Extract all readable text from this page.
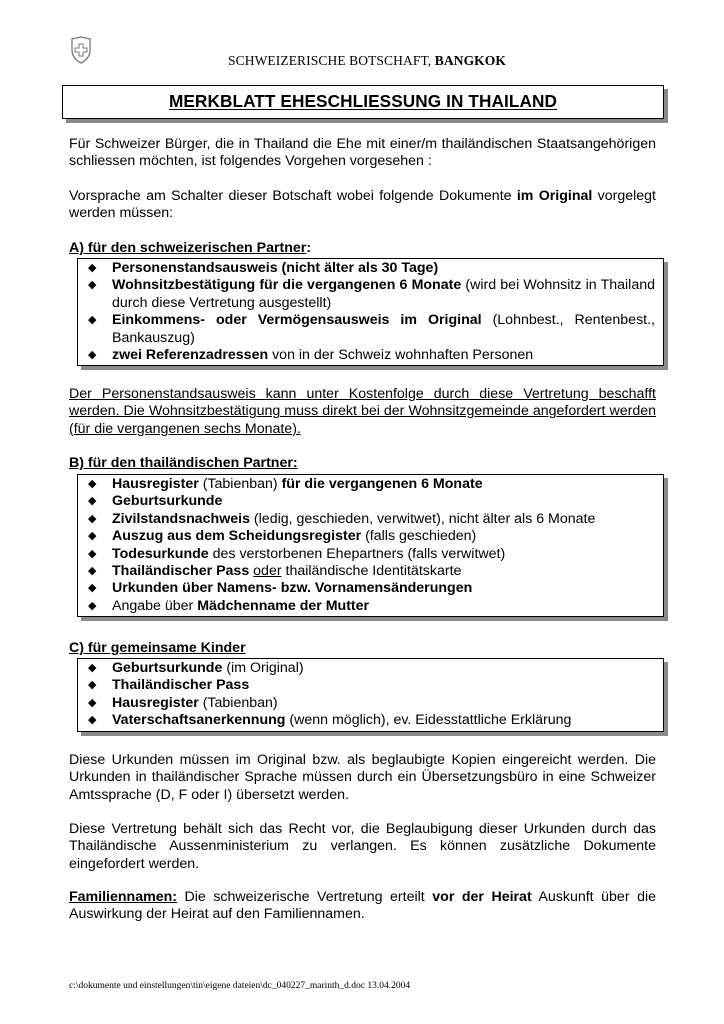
SCHWEIZERISCHE BOTSCHAFT, BANGKOK
MERKBLATT EHESCHLIESSUNG IN THAILAND
Für Schweizer Bürger, die in Thailand die Ehe mit einer/m thailändischen Staatsangehörigen schliessen möchten, ist folgendes Vorgehen vorgesehen :
Vorsprache am Schalter dieser Botschaft wobei folgende Dokumente im Original vorgelegt werden müssen:
A) für den schweizerischen Partner:
◆ Personenstandsausweis (nicht älter als 30 Tage)
◆ Wohnsitzbestätigung für die vergangenen 6 Monate (wird bei Wohnsitz in Thailand durch diese Vertretung ausgestellt)
◆ Einkommens- oder Vermögensausweis im Original (Lohnbest., Rentenbest., Bankauszug)
◆ zwei Referenzadressen von in der Schweiz wohnhaften Personen
Der Personenstandsausweis kann unter Kostenfolge durch diese Vertretung beschafft werden. Die Wohnsitzbestätigung muss direkt bei der Wohnsitzgemeinde angefordert werden (für die vergangenen sechs Monate).
B) für den thailändischen Partner:
◆ Hausregister (Tabienban) für die vergangenen 6 Monate
◆ Geburtsurkunde
◆ Zivilstandsnachweis (ledig, geschieden, verwitwet), nicht älter als 6 Monate
◆ Auszug aus dem Scheidungsregister (falls geschieden)
◆ Todesurkunde des verstorbenen Ehepartners (falls verwitwet)
◆ Thailändischer Pass oder thailändische Identitätskarte
◆ Urkunden über Namens- bzw. Vornamensänderungen
◆ Angabe über Mädchenname der Mutter
C) für gemeinsame Kinder
◆ Geburtsurkunde (im Original)
◆ Thailändischer Pass
◆ Hausregister (Tabienban)
◆ Vaterschaftsanerkennung (wenn möglich), ev. Eidesstattliche Erklärung
Diese Urkunden müssen im Original bzw. als beglaubigte Kopien eingereicht werden. Die Urkunden in thailändischer Sprache müssen durch ein Übersetzungsbüro in eine Schweizer Amtssprache (D, F oder I) übersetzt werden.
Diese Vertretung behält sich das Recht vor, die Beglaubigung dieser Urkunden durch das Thailändische Aussenministerium zu verlangen. Es können zusätzliche Dokumente eingefordert werden.
Familiennamen: Die schweizerische Vertretung erteilt vor der Heirat Auskunft über die Auswirkung der Heirat auf den Familiennamen.
c:\dokumente und einstellungen\tin\eigene dateien\dc_040227_marinth_d.doc 13.04.2004
